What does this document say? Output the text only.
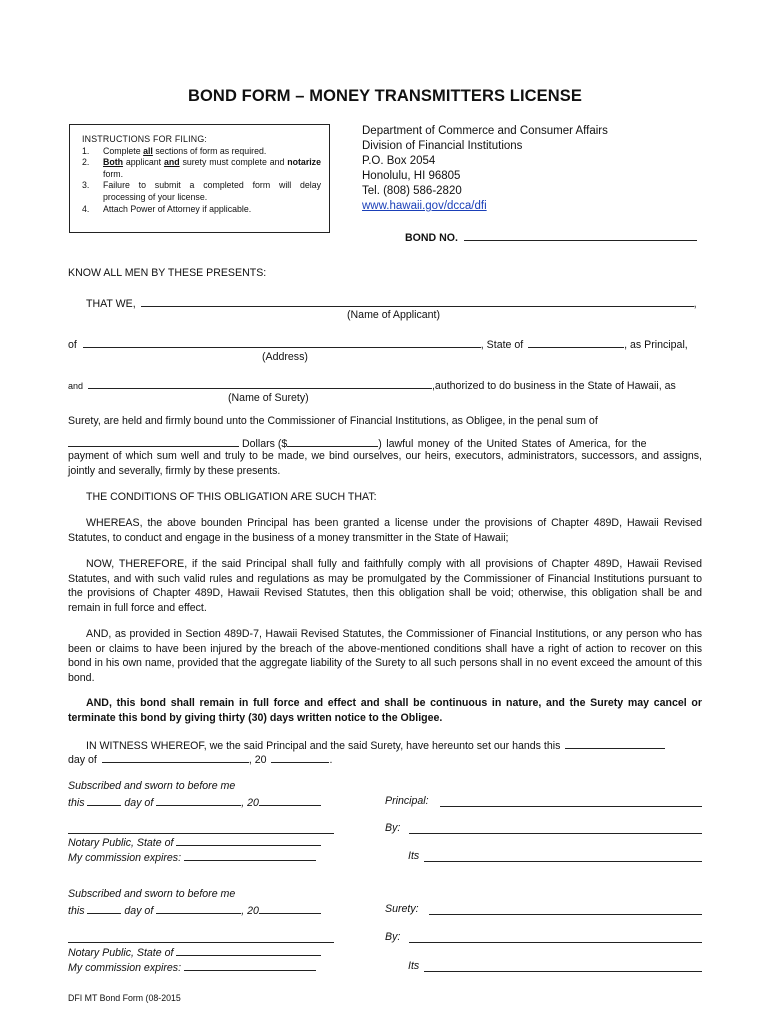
BOND FORM – MONEY TRANSMITTERS LICENSE
INSTRUCTIONS FOR FILING:
1.	Complete all sections of form as required.
2.	Both applicant and surety must complete and notarize form.
3.	Failure to submit a completed form will delay processing of your license.
4.	Attach Power of Attorney if applicable.
Department of Commerce and Consumer Affairs
Division of Financial Institutions
P.O. Box 2054
Honolulu, HI 96805
Tel. (808) 586-2820
www.hawaii.gov/dcca/dfi
BOND NO.
KNOW ALL MEN BY THESE PRESENTS:
THAT WE,	,
(Name of Applicant)
of	, State of	, as Principal,
(Address)
and	,authorized to do business in the State of Hawaii, as
(Name of Surety)
Surety, are held and firmly bound unto the Commissioner of Financial Institutions, as Obligee, in the penal sum of
Dollars ($	) lawful money of the United States of America, for the
payment of which sum well and truly to be made, we bind ourselves, our heirs, executors, administrators, successors, and assigns, jointly and severally, firmly by these presents.
THE CONDITIONS OF THIS OBLIGATION ARE SUCH THAT:
WHEREAS, the above bounden Principal has been granted a license under the provisions of Chapter 489D, Hawaii Revised Statutes, to conduct and engage in the business of a money transmitter in the State of Hawaii;
NOW, THEREFORE, if the said Principal shall fully and faithfully comply with all provisions of Chapter 489D, Hawaii Revised Statutes, and with such valid rules and regulations as may be promulgated by the Commissioner of Financial Institutions pursuant to the provisions of Chapter 489D, Hawaii Revised Statutes, then this obligation shall be void; otherwise, this obligation shall be and remain in full force and effect.
AND, as provided in Section 489D-7, Hawaii Revised Statutes, the Commissioner of Financial Institutions, or any person who has been or claims to have been injured by the breach of the above-mentioned conditions shall have a right of action to recover on this bond in his own name, provided that the aggregate liability of the Surety to all such persons shall in no event exceed the amount of this bond.
AND, this bond shall remain in full force and effect and shall be continuous in nature, and the Surety may cancel or terminate this bond by giving thirty (30) days written notice to the Obligee.
IN WITNESS WHEREOF, we the said Principal and the said Surety, have hereunto set our hands this
day of	, 20	.
Subscribed and sworn to before me
this	day of	, 20	Principal:
By:
Notary Public, State of
My commission expires:	Its
Subscribed and sworn to before me
this	day of	, 20	Surety:
By:
Notary Public, State of
My commission expires:	Its
DFI MT Bond Form (08-2015
